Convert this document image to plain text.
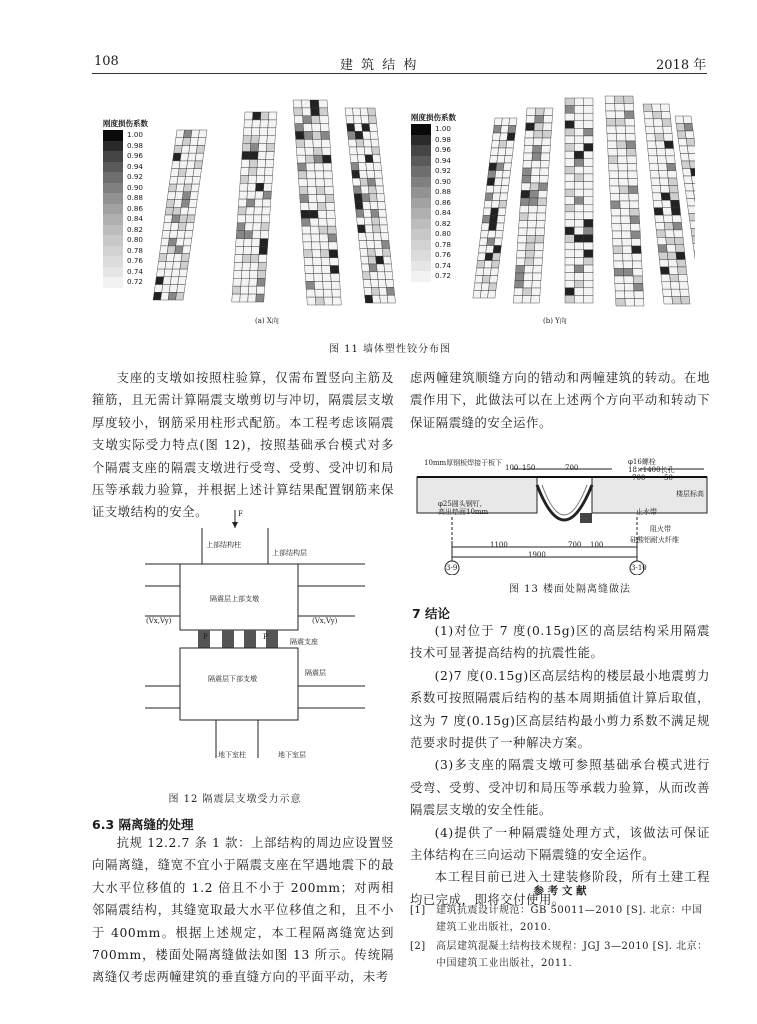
108	建 筑 结 构	2018 年
刚度损伤系数
1.00
0.98
0.96
0.94
0.92
0.90
0.88
0.86
0.84
0.82
0.80
0.78
0.76
0.74
0.72
刚度损伤系数
1.00
0.98
0.96
0.94
0.92
0.90
0.88
0.86
0.84
0.82
0.80
0.78
0.76
0.74
0.72
(a) X向	(b) Y向
图 11 墙体塑性铰分布图

支座的支墩如按照柱验算，仅需布置竖向主筋及箍筋，且无需计算隔震支墩剪切与冲切，隔震层支墩厚度较小，钢筋采用柱形式配筋。本工程考虑该隔震支墩实际受力特点(图 12)，按照基础承台模式对多个隔震支座的隔震支墩进行受弯、受剪、受冲切和局压等承载力验算，并根据上述计算结果配置钢筋来保证支墩结构的安全。	F
上部结构柱
上部结构层
隔震层上部支墩
(Vx,Vy)	(Vx,Vy)
P	P
隔震支座
隔震层
隔震层下部支墩
地下室柱	地下室层
图 12 隔震层支墩受力示意
6.3 隔离缝的处理

抗规 12.2.7 条 1 款：上部结构的周边应设置竖向隔离缝，缝宽不宜小于隔震支座在罕遇地震下的最大水平位移值的 1.2 倍且不小于 200mm；对两相邻隔震结构，其缝宽取最大水平位移值之和，且不小于 400mm。根据上述规定，本工程隔离缝宽达到 700mm，楼面处隔离缝做法如图 13 所示。传统隔离缝仅考虑两幢建筑的垂直缝方向的平面平动，未考

虑两幢建筑顺缝方向的错动和两幢建筑的转动。在地震作用下，此做法可以在上述两个方向平动和转动下保证隔震缝的安全运作。

10mm厚钢板焊接于板下
100 150	700
φ16螺栓
18×1400长孔
700	50
楼层标高
φ25圆头钢钉,
高出垫面10mm	止水带
阻火带
硅酸铝耐火纤维
1100	700 100
1900
3-9	3-10
图 13 楼面处隔离缝做法
7 结论

(1)对位于 7 度(0.15g)区的高层结构采用隔震技术可显著提高结构的抗震性能。

(2)7 度(0.15g)区高层结构的楼层最小地震剪力系数可按照隔震后结构的基本周期插值计算后取值，这为 7 度(0.15g)区高层结构最小剪力系数不满足规范要求时提供了一种解决方案。

(3)多支座的隔震支墩可参照基础承台模式进行受弯、受剪、受冲切和局压等承载力验算，从而改善隔震层支墩的安全性能。

(4)提供了一种隔震缝处理方式，该做法可保证主体结构在三向运动下隔震缝的安全运作。

本工程目前已进入土建装修阶段，所有土建工程均已完成，即将交付使用。

参 考 文 献
[1] 建筑抗震设计规范：GB 50011—2010 [S]. 北京：中国建筑工业出版社，2010.
[2] 高层建筑混凝土结构技术规程：JGJ 3—2010 [S]. 北京：中国建筑工业出版社，2011.
